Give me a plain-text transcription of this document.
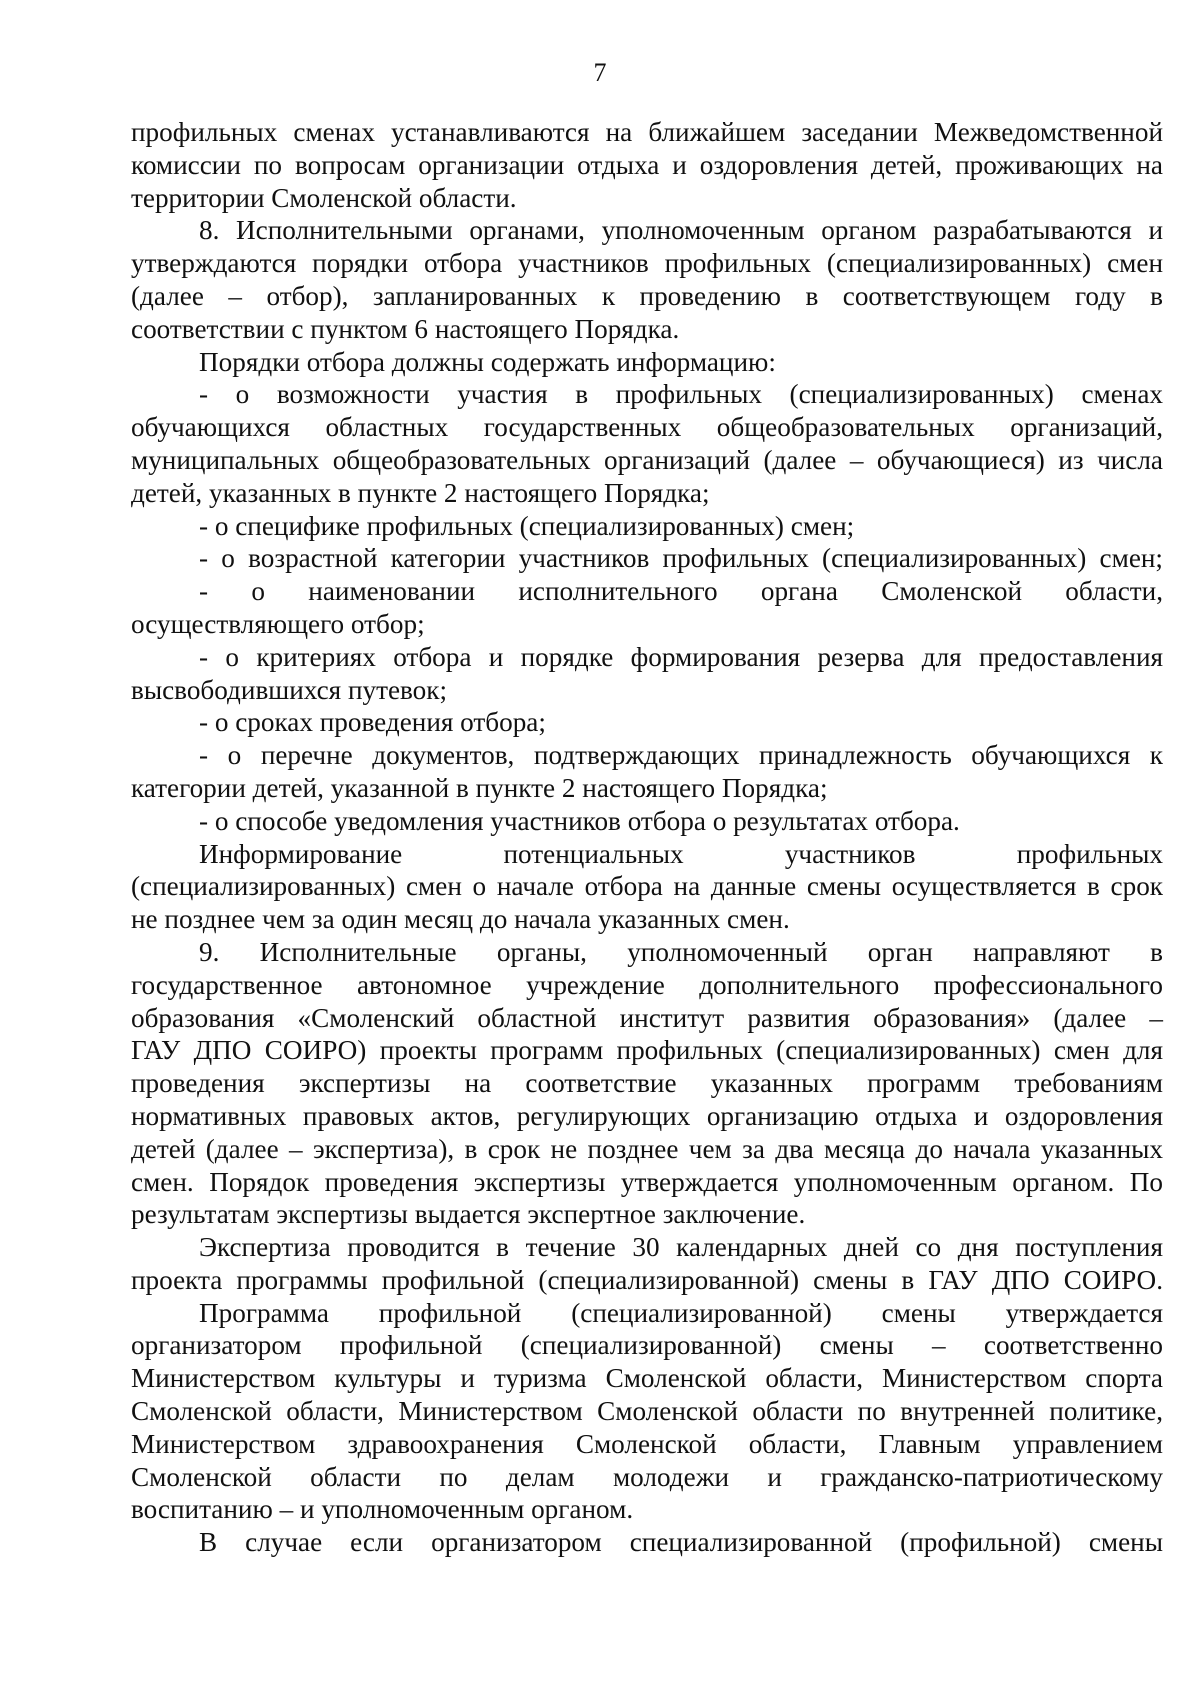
7
профильных сменах устанавливаются на ближайшем заседании Межведомственной
комиссии по вопросам организации отдыха и оздоровления детей, проживающих на
территории Смоленской области.
8. Исполнительными органами, уполномоченным органом разрабатываются и
утверждаются порядки отбора участников профильных (специализированных) смен
(далее – отбор), запланированных к проведению в соответствующем году в
соответствии с пунктом 6 настоящего Порядка.
Порядки отбора должны содержать информацию:
- о возможности участия в профильных (специализированных) сменах
обучающихся областных государственных общеобразовательных организаций,
муниципальных общеобразовательных организаций (далее – обучающиеся) из числа
детей, указанных в пункте 2 настоящего Порядка;
- о специфике профильных (специализированных) смен;
- о возрастной категории участников профильных (специализированных) смен;
- о наименовании исполнительного органа Смоленской области,
осуществляющего отбор;
- о критериях отбора и порядке формирования резерва для предоставления
высвободившихся путевок;
- о сроках проведения отбора;
- о перечне документов, подтверждающих принадлежность обучающихся к
категории детей, указанной в пункте 2 настоящего Порядка;
- о способе уведомления участников отбора о результатах отбора.
Информирование потенциальных участников профильных
(специализированных) смен о начале отбора на данные смены осуществляется в срок
не позднее чем за один месяц до начала указанных смен.
9. Исполнительные органы, уполномоченный орган направляют в
государственное автономное учреждение дополнительного профессионального
образования «Смоленский областной институт развития образования» (далее –
ГАУ ДПО СОИРО) проекты программ профильных (специализированных) смен для
проведения экспертизы на соответствие указанных программ требованиям
нормативных правовых актов, регулирующих организацию отдыха и оздоровления
детей (далее – экспертиза), в срок не позднее чем за два месяца до начала указанных
смен. Порядок проведения экспертизы утверждается уполномоченным органом. По
результатам экспертизы выдается экспертное заключение.
Экспертиза проводится в течение 30 календарных дней со дня поступления
проекта программы профильной (специализированной) смены в ГАУ ДПО СОИРО.
Программа профильной (специализированной) смены утверждается
организатором профильной (специализированной) смены – соответственно
Министерством культуры и туризма Смоленской области, Министерством спорта
Смоленской области, Министерством Смоленской области по внутренней политике,
Министерством здравоохранения Смоленской области, Главным управлением
Смоленской области по делам молодежи и гражданско-патриотическому
воспитанию – и уполномоченным органом.
В случае если организатором специализированной (профильной) смены
